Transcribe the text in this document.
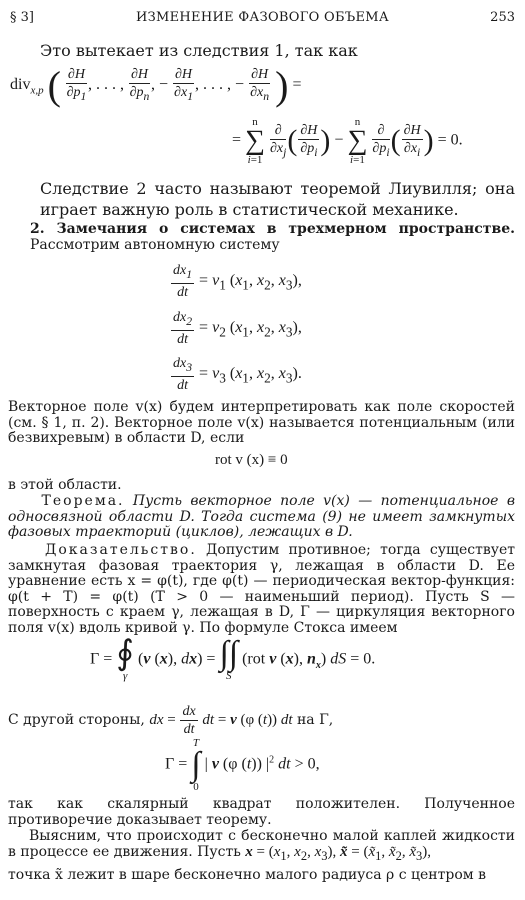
§ 3]	ИЗМЕНЕНИЕ ФАЗОВОГО ОБЪЕМА	253
Это вытекает из следствия 1, так как
div$_{x,p}$ ( $\frac{\partial H}{\partial p_1}$ , . . . , $\frac{\partial H}{\partial p_n}$ , − $\frac{\partial H}{\partial x_1}$ , . . . , − $\frac{\partial H}{\partial x_n}$ ) =
= n
∑
$i=1 \frac{\partial}{\partial x_j}$ ( $\frac{\partial H}{\partial p_i}$ ) − n
∑
$i=1 \frac{\partial}{\partial p_i}$ ( $\frac{\partial H}{\partial x_i}$ ) = 0.
Следствие 2 часто называют теоремой Лиувилля; она играет важную роль в статистической механике.
2. Замечания о системах в трехмерном пространстве. Рассмотрим автономную систему
$\frac{dx_1}{dt} = v_1$ ($x_1$, $x_2$, $x_3$),
$\frac{dx_2}{dt} = v_2$ ($x_1$, $x_2$, $x_3$),
$\frac{dx_3}{dt} = v_3$ ($x_1$, $x_2$, $x_3$).
Векторное поле v(x) будем интерпретировать как поле скоростей (см. § 1, п. 2). Векторное поле v(x) называется потенциальным (или безвихревым) в области D, если
rot v (x) ≡ 0
в этой области.
Теорема. Пусть векторное поле v(x) — потенциальное в односвязной области D. Тогда система (9) не имеет замкнутых фазовых траекторий (циклов), лежащих в D.
Доказательство. Допустим противное; тогда существует замкнутая фазовая траектория γ, лежащая в области D. Ее уравнение есть x = φ(t), где φ(t) — периодическая вектор-функция: φ(t + T) = φ(t) (T > 0 — наименьший период). Пусть S — поверхность с краем γ, лежащая в D, Γ — циркуляция векторного поля v(x) вдоль кривой γ. По формуле Стокса имеем
Γ = ∮
γ (v (x), dx) = ∫∫
S (rot v (x), $n_x$) dS = 0.
С другой стороны, dx = $\frac{dx}{dt}$ dt = v (φ (t)) dt на Γ,
Γ = T
∫
0 | v (φ (t)) $|^2$ dt > 0,
так как скалярный квадрат положителен. Полученное противоречие доказывает теорему.
Выясним, что происходит с бесконечно малой каплей жидкости в процессе ее движения. Пусть $x = (x_1$, $x_2$, $x_3$), x̃ = ($x̃_1$, $x̃_2$, $x̃_3$),
точка x̃ лежит в шаре бесконечно малого радиуса ρ с центром в
